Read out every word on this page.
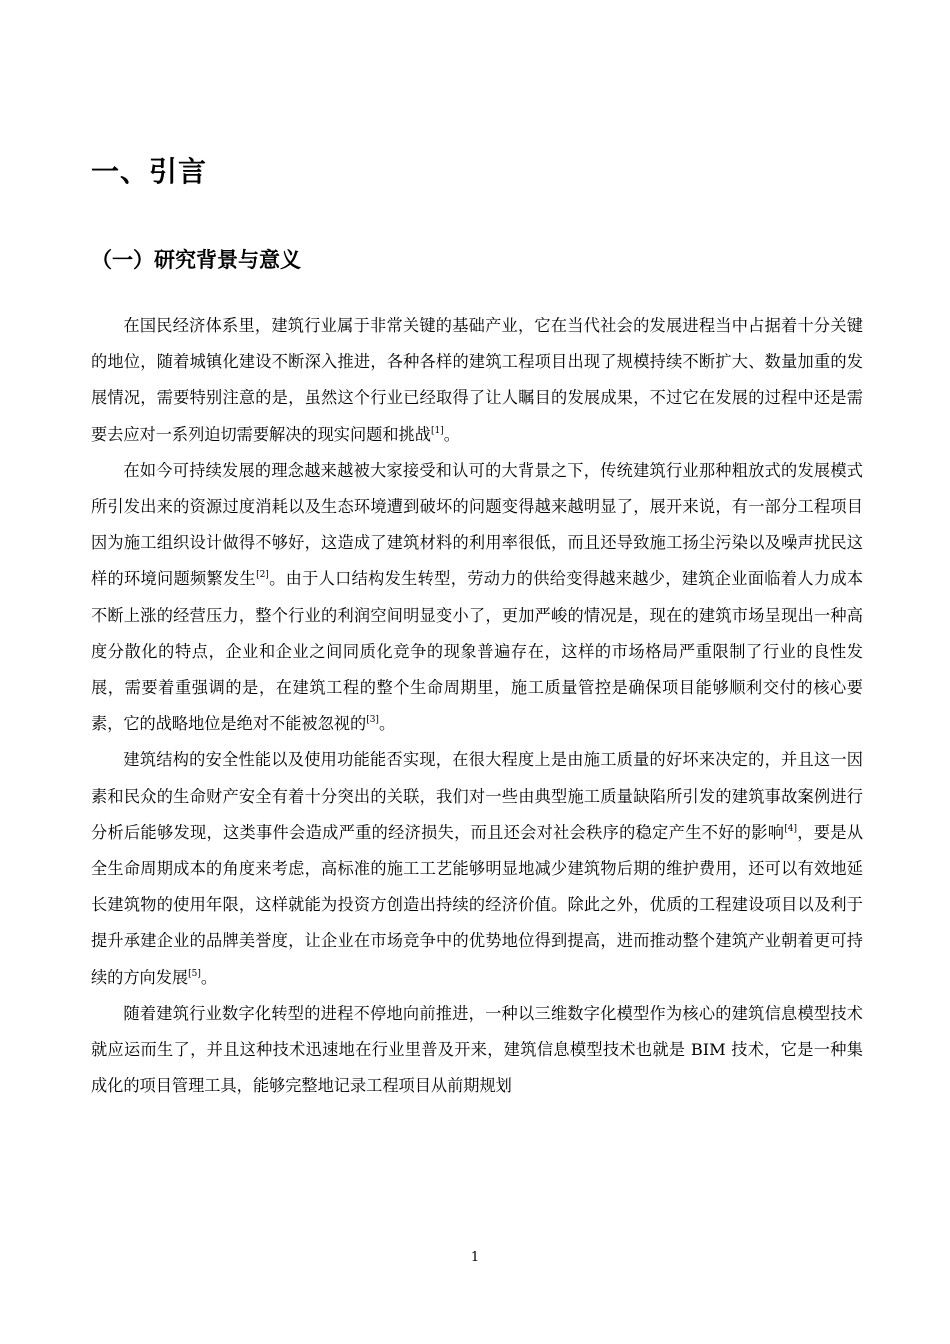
一、引言
（一）研究背景与意义

在国民经济体系里，建筑行业属于非常关键的基础产业，它在当代社会的发展进程当中占据着十分关键的地位，随着城镇化建设不断深入推进，各种各样的建筑工程项目出现了规模持续不断扩大、数量加重的发展情况，需要特别注意的是，虽然这个行业已经取得了让人瞩目的发展成果，不过它在发展的过程中还是需要去应对一系列迫切需要解决的现实问题和挑战[1]。

在如今可持续发展的理念越来越被大家接受和认可的大背景之下，传统建筑行业那种粗放式的发展模式所引发出来的资源过度消耗以及生态环境遭到破坏的问题变得越来越明显了，展开来说，有一部分工程项目因为施工组织设计做得不够好，这造成了建筑材料的利用率很低，而且还导致施工扬尘污染以及噪声扰民这样的环境问题频繁发生[2]。由于人口结构发生转型，劳动力的供给变得越来越少，建筑企业面临着人力成本不断上涨的经营压力，整个行业的利润空间明显变小了，更加严峻的情况是，现在的建筑市场呈现出一种高度分散化的特点，企业和企业之间同质化竞争的现象普遍存在，这样的市场格局严重限制了行业的良性发展，需要着重强调的是，在建筑工程的整个生命周期里，施工质量管控是确保项目能够顺利交付的核心要素，它的战略地位是绝对不能被忽视的[3]。

建筑结构的安全性能以及使用功能能否实现，在很大程度上是由施工质量的好坏来决定的，并且这一因素和民众的生命财产安全有着十分突出的关联，我们对一些由典型施工质量缺陷所引发的建筑事故案例进行分析后能够发现，这类事件会造成严重的经济损失，而且还会对社会秩序的稳定产生不好的影响[4]，要是从全生命周期成本的角度来考虑，高标准的施工工艺能够明显地减少建筑物后期的维护费用，还可以有效地延长建筑物的使用年限，这样就能为投资方创造出持续的经济价值。除此之外，优质的工程建设项目以及利于提升承建企业的品牌美誉度，让企业在市场竞争中的优势地位得到提高，进而推动整个建筑产业朝着更可持续的方向发展[5]。

随着建筑行业数字化转型的进程不停地向前推进，一种以三维数字化模型作为核心的建筑信息模型技术就应运而生了，并且这种技术迅速地在行业里普及开来，建筑信息模型技术也就是 BIM 技术，它是一种集成化的项目管理工具，能够完整地记录工程项目从前期规划

1
